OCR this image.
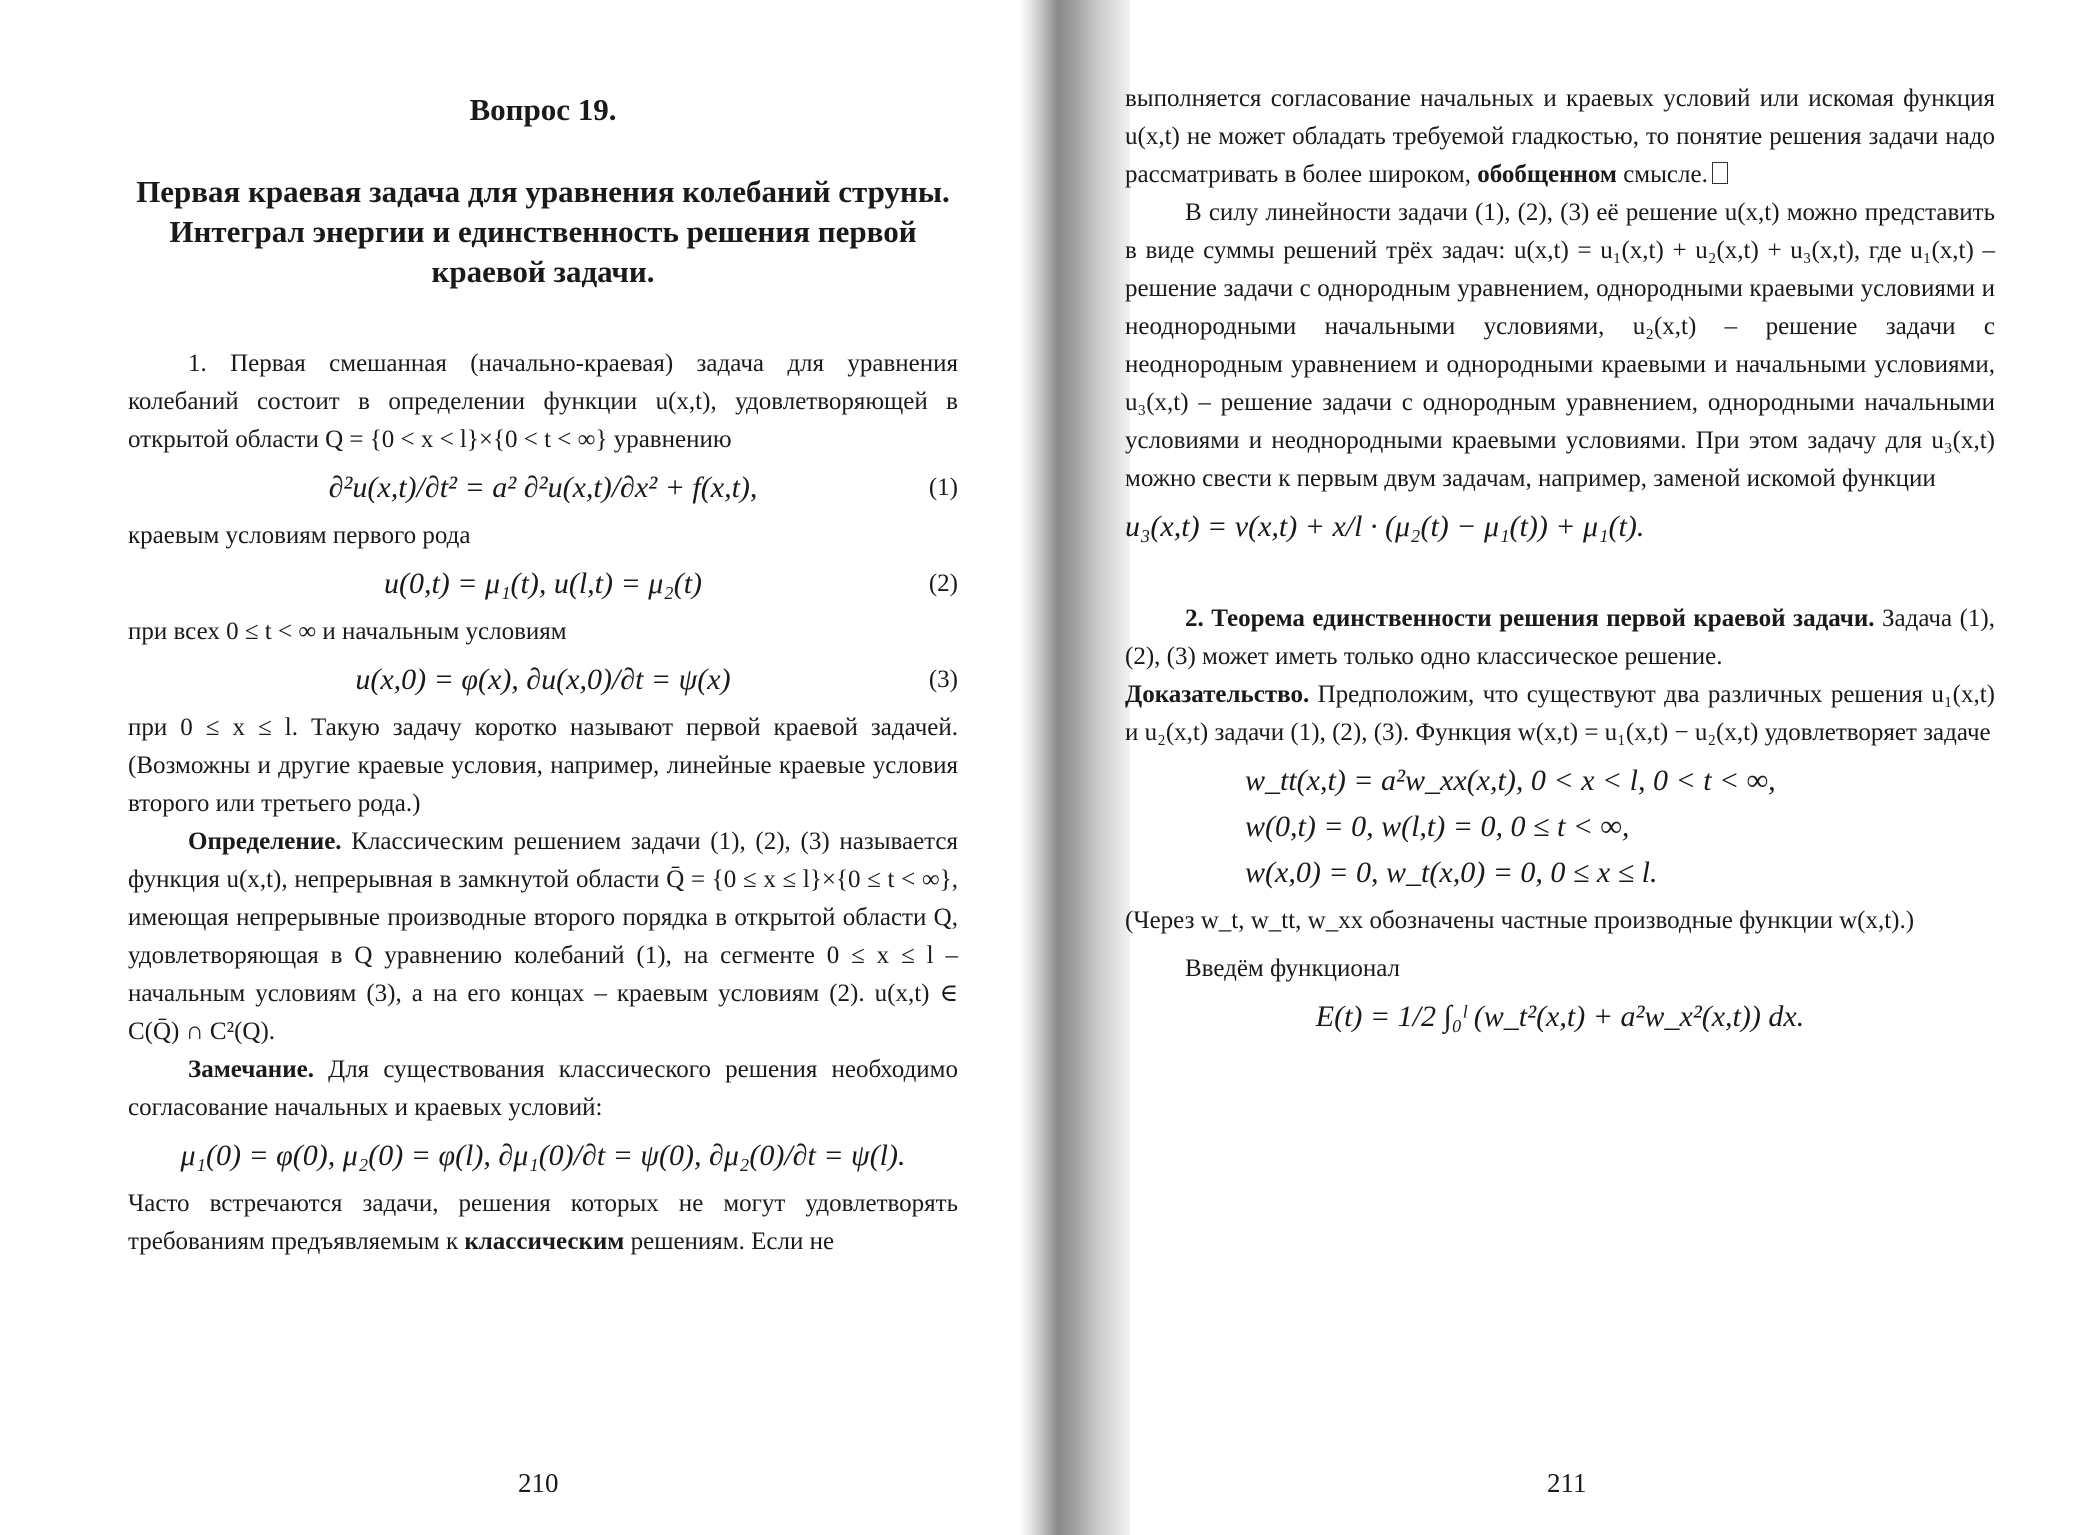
Вопрос 19.
Первая краевая задача для уравнения колебаний струны. Интеграл энергии и единственность решения первой краевой задачи.

1. Первая смешанная (начально-краевая) задача для уравнения колебаний состоит в определении функции u(x,t), удовлетворяющей в открытой области Q = {0 < x < l}×{0 < t < ∞} уравнению

∂²u(x,t)/∂t² = a² ∂²u(x,t)/∂x² + f(x,t),	(1)

краевым условиям первого рода

u(0,t) = μ₁(t), u(l,t) = μ₂(t)	(2)

при всех 0 ≤ t < ∞ и начальным условиям

u(x,0) = φ(x), ∂u(x,0)/∂t = ψ(x)	(3)

при 0 ≤ x ≤ l. Такую задачу коротко называют первой краевой задачей. (Возможны и другие краевые условия, например, линейные краевые условия второго или третьего рода.)

Определение. Классическим решением задачи (1), (2), (3) называется функция u(x,t), непрерывная в замкнутой области Q̄ = {0 ≤ x ≤ l}×{0 ≤ t < ∞}, имеющая непрерывные производные второго порядка в открытой области Q, удовлетворяющая в Q уравнению колебаний (1), на сегменте 0 ≤ x ≤ l – начальным условиям (3), а на его концах – краевым условиям (2). u(x,t) ∈ C(Q̄) ∩ C²(Q).

Замечание. Для существования классического решения необходимо согласование начальных и краевых условий:

μ₁(0) = φ(0), μ₂(0) = φ(l), ∂μ₁(0)/∂t = ψ(0), ∂μ₂(0)/∂t = ψ(l).

Часто встречаются задачи, решения которых не могут удовлетворять требованиям предъявляемым к классическим решениям. Если не

210

выполняется согласование начальных и краевых условий или искомая функция u(x,t) не может обладать требуемой гладкостью, то понятие решения задачи надо рассматривать в более широком, обобщенном смысле.

В силу линейности задачи (1), (2), (3) её решение u(x,t) можно представить в виде суммы решений трёх задач: u(x,t) = u₁(x,t) + u₂(x,t) + u₃(x,t), где u₁(x,t) – решение задачи с однородным уравнением, однородными краевыми условиями и неоднородными начальными условиями, u₂(x,t) – решение задачи с неоднородным уравнением и однородными краевыми и начальными условиями, u₃(x,t) – решение задачи с однородным уравнением, однородными начальными условиями и неоднородными краевыми условиями. При этом задачу для u₃(x,t) можно свести к первым двум задачам, например, заменой искомой функции

u₃(x,t) = v(x,t) + x/l · (μ₂(t) − μ₁(t)) + μ₁(t).

2. Теорема единственности решения первой краевой задачи. Задача (1), (2), (3) может иметь только одно классическое решение.

Доказательство. Предположим, что существуют два различных решения u₁(x,t) и u₂(x,t) задачи (1), (2), (3). Функция w(x,t) = u₁(x,t) − u₂(x,t) удовлетворяет задаче

w_tt(x,t) = a²w_xx(x,t), 0 < x < l, 0 < t < ∞,
w(0,t) = 0, w(l,t) = 0, 0 ≤ t < ∞,
w(x,0) = 0, w_t(x,0) = 0, 0 ≤ x ≤ l.

(Через w_t, w_tt, w_xx обозначены частные производные функции w(x,t).)

Введём функционал

E(t) = 1/2 ∫₀ˡ (w_t²(x,t) + a²w_x²(x,t)) dx.
211
